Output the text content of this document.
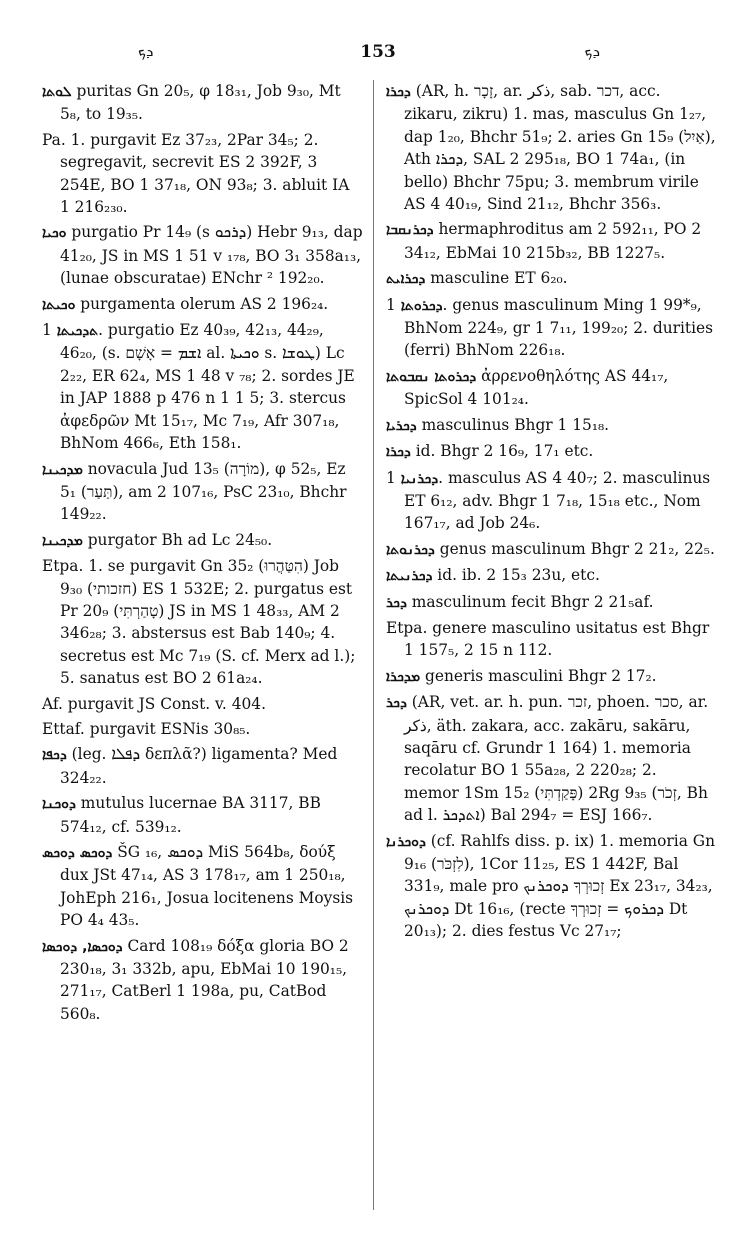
ܕܟ	153	ܕܟ

ܠܘܬܐ puritas Gn 20₅, φ 18₃₁, Job 9₃₀, Mt 5₈, to 19₃₅.

Pa. 1. purgavit Ez 37₂₃, 2Par 34₅; 2. segregavit, secrevit ES 2 392F, 3 254E, BO 1 37₁₈, ON 93₈; 3. abluit IA 1 216₂₃₀.

ܘܟܝܐ purgatio Pr 14₉ (s ܕܪܟܘ) Hebr 9₁₃, dap 41₂₀, JS in MS 1 51 v ₁₇₈, BO 3₁ 358a₁₃, (lunae obscuratae) ENchr ² 192₂₀.

ܘܟܝܬܐ purgamenta olerum AS 2 196₂₄.

ܬܕܟܝܬܐ 1. purgatio Ez 40₃₉, 42₁₃, 44₂₉, 46₂₀, (s. ܐܫܡ = אָשָׁם al. ܘܟܝܬܐ s. ܛܘܫܐ) Lc 2₂₂, ER 62₄, MS 1 48 v ₇₈; 2. sordes JE in JAP 1888 p 476 n 1 1 5; 3. stercus ἀφεδρῶν Mt 15₁₇, Mc 7₁₉, Afr 307₁₈, BhNom 466₆, Eth 158₁.

ܡܕܟܝܢܐ novacula Jud 13₅ (מוֹרָה), φ 52₅, Ez 5₁ (תַּעַר), am 2 107₁₆, PsC 23₁₀, Bhchr 149₂₂.

ܡܕܟܝܢܐ purgator Bh ad Lc 24₅₀.

Etpa. 1. se purgavit Gn 35₂ (הִטַּהֲרוּ) Job 9₃₀ (חזכותי) ES 1 532E; 2. purgatus est Pr 20₉ (טָהַרְתִּי) JS in MS 1 48₃₃, AM 2 346₂₈; 3. abstersus est Bab 140₉; 4. secretus est Mc 7₁₉ (S. cf. Merx ad l.); 5. sanatus est BO 2 61a₂₄.

Af. purgavit JS Const. v. 404.

Ettaf. purgavit ESNis 30₈₅.

ܕܟܦܐ (leg. ܕܦܠܐ δεπλᾶ?) ligamenta? Med 324₂₂.

ܕܘܟܢܐ mutulus lucernae BA 3117, BB 574₁₂, cf. 539₁₂.

ܕܘܟܣ ܕܘܟܣ ŠG ₁₆, ܕܘܟܣ MiS 564b₈, δούξ dux JSt 47₁₄, AS 3 178₁₇, am 1 250₁₈, JohEph 216₁, Josua locitenens Moysis PO 4₄ 43₅.

ܕܘܟܣܐ, ܕܘܟܣܐ Card 108₁₉ δόξα gloria BO 2 230₁₈, 3₁ 332b, apu, EbMai 10 190₁₅, 271₁₇, CatBerl 1 198a, pu, CatBod 560₈.

ܕܟܪܐ (AR, h. זָכָר, ar. ذكر, sab. דכר, acc. zikaru, zikru) 1. mas, masculus Gn 1₂₇, dap 1₂₀, Bhchr 51₉; 2. aries Gn 15₉ (אַיִל), Ath ܕܟܪܐ, SAL 2 295₁₈, BO 1 74a₁, (in bello) Bhchr 75pu; 3. membrum virile AS 4 40₁₉, Sind 21₁₂, Bhchr 356₃.

ܕܟܪܢܩܒܐ hermaphroditus am 2 592₁₁, PO 2 34₁₂, EbMai 10 215b₃₂, BB 1227₅.

ܕܟܪܐܝܬ masculine ET 6₂₀.

ܕܟܪܘܬܐ 1. genus masculinum Ming 1 99*₉, BhNom 224₉, gr 1 7₁₁, 199₂₀; 2. durities (ferri) BhNom 226₁₈.

ܕܟܪܘܬܐ ܢܩܒܘܬܐ ἀρρενοθηλότης AS 44₁₇, SpicSol 4 101₂₄.

ܕܟܪܝܐ masculinus Bhgr 1 15₁₈.

ܕܟܪܐ id. Bhgr 2 16₉, 17₁ etc.

ܕܟܪܢܝܐ 1. masculus AS 4 40₇; 2. masculinus ET 6₁₂, adv. Bhgr 1 7₁₈, 15₁₈ etc., Nom 167₁₇, ad Job 24₆.

ܕܟܪܢܘܬܐ genus masculinum Bhgr 2 21₂, 22₅.

ܕܟܪܢܝܬܐ id. ib. 2 15₃ 23u, etc.

ܕܟܪ masculinum fecit Bhgr 2 21₅af.

Etpa. genere masculino usitatus est Bhgr 1 157₅, 2 15 n 112.

ܡܕܟܪܐ generis masculini Bhgr 2 17₂.

ܕܟܪ (AR, vet. ar. h. pun. זכר, phoen. סכר, ar. ذكر, äth. zakara, acc. zakāru, sakāru, saqāru cf. Grundr 1 164) 1. memoria recolatur BO 1 55a₂₈, 2 220₂₈; 2. memor 1Sm 15₂ (פָּקַדְתִּי) 2Rg 9₃₅ (זְכֹר, Bh ad l. ܐܬܕܟܪ) Bal 294₇ = ESJ 166₇.

ܕܘܟܪܢܐ (cf. Rahlfs diss. p. ix) 1. memoria Gn 9₁₆ (לִזְכֹּר), 1Cor 11₂₅, ES 1 442F, Bal 331₉, male pro זְכוּרְךָ ܕܘܟܪܢܟ Ex 23₁₇, 34₂₃, ܕܘܟܪܢܟ Dt 16₁₆, (recte ܕܟܪܘܟ = זְכוּרְךָ Dt 20₁₃); 2. dies festus Vc 27₁₇;
